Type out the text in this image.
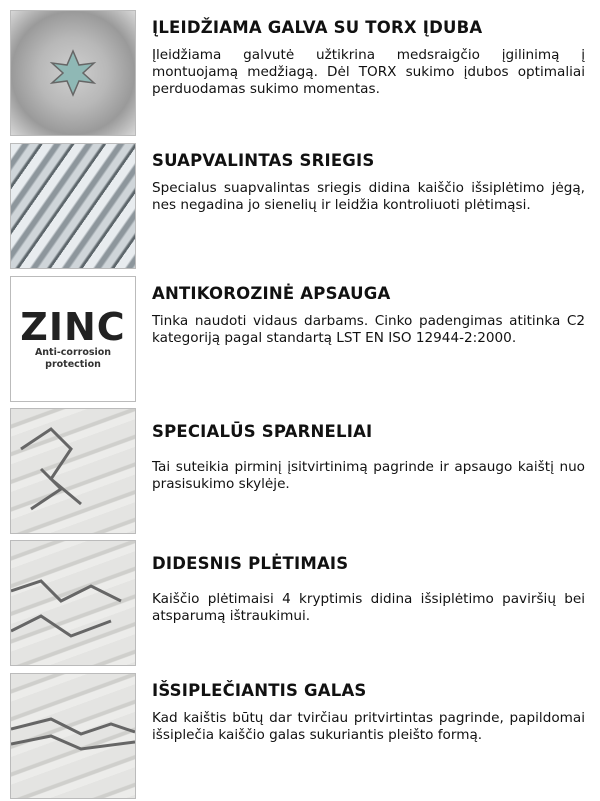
ĮLEIDŽIAMA GALVA SU TORX ĮDUBA

Įleidžiama galvutė užtikrina medsraigčio įgilinimą į montuojamą medžiagą. Dėl TORX sukimo įdubos optimaliai perduodamas sukimo momentas.

SUAPVALINTAS SRIEGIS

Specialus suapvalintas sriegis didina kaiščio išsiplėtimo jėgą, nes negadina jo sienelių ir leidžia kontroliuoti plėtimąsi.

ZINC
Anti-corrosion
protection
ANTIKOROZINĖ APSAUGA

Tinka naudoti vidaus darbams. Cinko padengimas atitinka C2 kategoriją pagal standartą LST EN ISO 12944-2:2000.

SPECIALŪS SPARNELIAI

Tai suteikia pirminį įsitvirtinimą pagrinde ir apsaugo kaištį nuo prasisukimo skylėje.

DIDESNIS PLĖTIMAIS

Kaiščio plėtimaisi 4 kryptimis didina išsiplėtimo paviršių bei atsparumą ištraukimui.

IŠSIPLEČIANTIS GALAS

Kad kaištis būtų dar tvirčiau pritvirtintas pagrinde, papildomai išsiplečia kaiščio galas sukuriantis pleišto formą.
